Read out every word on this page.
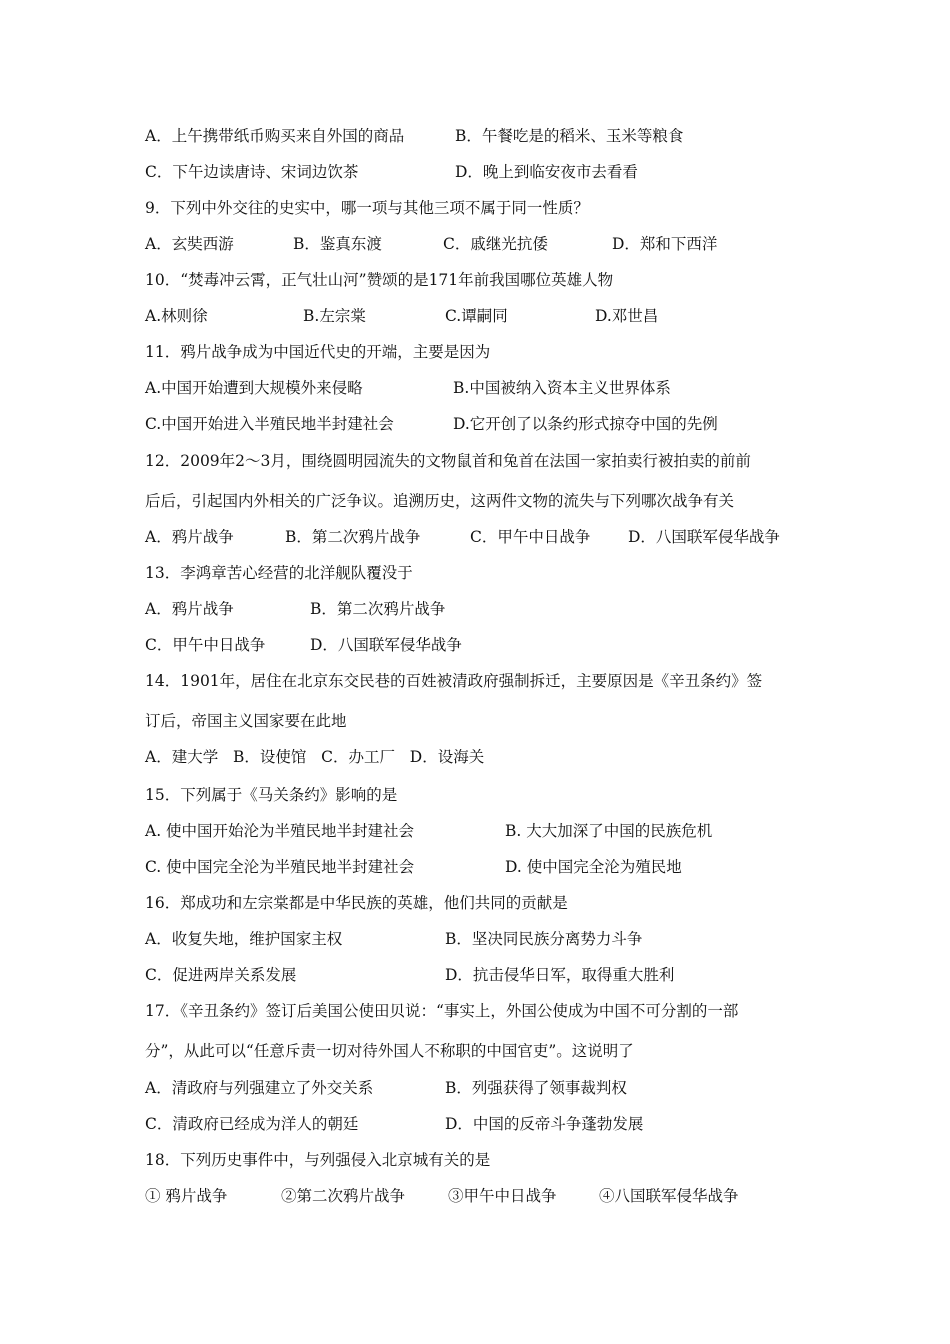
A．上午携带纸币购买来自外国的商品	B．午餐吃是的稻米、玉米等粮食
C．下午边读唐诗、宋词边饮茶	D．晚上到临安夜市去看看
9．下列中外交往的史实中，哪一项与其他三项不属于同一性质？
A．玄奘西游	B．鉴真东渡	C．戚继光抗倭	D．郑和下西洋
10．“焚毒冲云霄，正气壮山河”赞颂的是171年前我国哪位英雄人物
A.林则徐	B.左宗棠	C.谭嗣同	D.邓世昌
11．鸦片战争成为中国近代史的开端，主要是因为
A.中国开始遭到大规模外来侵略	B.中国被纳入资本主义世界体系
C.中国开始进入半殖民地半封建社会	D.它开创了以条约形式掠夺中国的先例
12．2009年2～3月，围绕圆明园流失的文物鼠首和兔首在法国一家拍卖行被拍卖的前前
后后，引起国内外相关的广泛争议。追溯历史，这两件文物的流失与下列哪次战争有关
A．鸦片战争	B．第二次鸦片战争	C．甲午中日战争 D．八国联军侵华战争
13．李鸿章苦心经营的北洋舰队覆没于
A．鸦片战争	B．第二次鸦片战争
C．甲午中日战争	D．八国联军侵华战争
14．1901年，居住在北京东交民巷的百姓被清政府强制拆迁，主要原因是《辛丑条约》签
订后，帝国主义国家要在此地
A．建大学   B．设使馆   C．办工厂   D．设海关
15．下列属于《马关条约》影响的是
A. 使中国开始沦为半殖民地半封建社会	B. 大大加深了中国的民族危机
C. 使中国完全沦为半殖民地半封建社会	D. 使中国完全沦为殖民地
16．郑成功和左宗棠都是中华民族的英雄，他们共同的贡献是
A．收复失地，维护国家主权	B．坚决同民族分离势力斗争
C．促进两岸关系发展	D．抗击侵华日军，取得重大胜利
17．《辛丑条约》签订后美国公使田贝说：“事实上，外国公使成为中国不可分割的一部
分”，从此可以“任意斥责一切对待外国人不称职的中国官吏”。这说明了
A．清政府与列强建立了外交关系	B．列强获得了领事裁判权
C．清政府已经成为洋人的朝廷	D．中国的反帝斗争蓬勃发展
18．下列历史事件中，与列强侵入北京城有关的是
① 鸦片战争	②第二次鸦片战争	③甲午中日战争	④八国联军侵华战争
